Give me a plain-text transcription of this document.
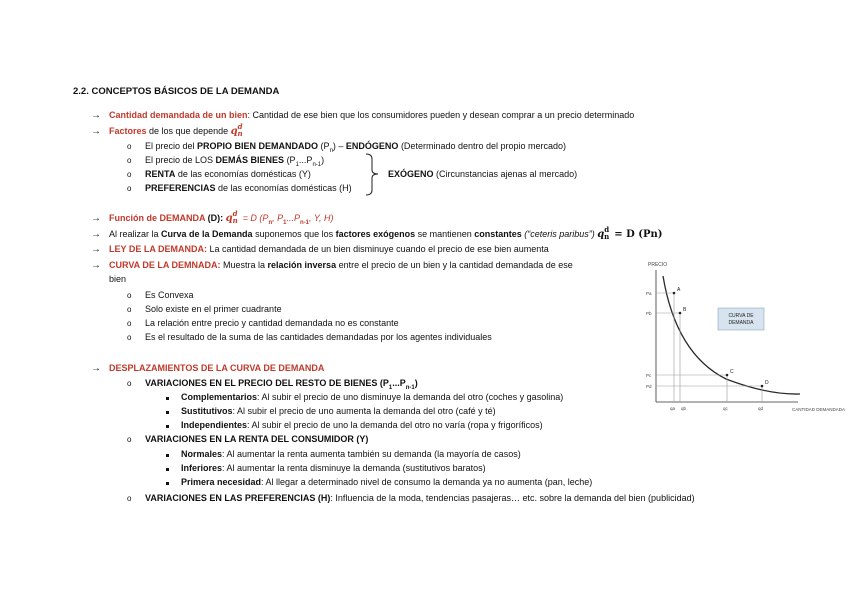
2.2. CONCEPTOS BÁSICOS DE LA DEMANDA
→ Cantidad demandada de un bien: Cantidad de ese bien que los consumidores pueden y desean comprar a un precio determinado
→ Factores de los que depende $q^d_n$
o El precio del PROPIO BIEN DEMANDADO $(P_n)$ – ENDÓGENO (Determinado dentro del propio mercado)
o El precio de LOS DEMÁS BIENES $(P_1...P_{n-1})$
o RENTA de las economías domésticas (Y)
o PREFERENCIAS de las economías domésticas (H)
EXÓGENO (Circunstancias ajenas al mercado)
→ Función de DEMANDA (D): $q^d_n = D$ ($P_n$, $P_1...P_{n-1}$, Y, H)
→ Al realizar la Curva de la Demanda suponemos que los factores exógenos se mantienen constantes (“ceteris paribus”) $q^d_n = D$ (Pn)
→ LEY DE LA DEMANDA: La cantidad demandada de un bien disminuye cuando el precio de ese bien aumenta
→ CURVA DE LA DEMNADA: Muestra la relación inversa entre el precio de un bien y la cantidad demandada de ese
bien
o Es Convexa
o Solo existe en el primer cuadrante
o La relación entre precio y cantidad demandada no es constante
o Es el resultado de la suma de las cantidades demandadas por los agentes individuales
→ DESPLAZAMIENTOS DE LA CURVA DE DEMANDA
o VARIACIONES EN EL PRECIO DEL RESTO DE BIENES $(P_1...P_{n-1})$
Complementarios: Al subir el precio de uno disminuye la demanda del otro (coches y gasolina)
Sustitutivos: Al subir el precio de uno aumenta la demanda del otro (café y té)
Independientes: Al subir el precio de uno la demanda del otro no varía (ropa y frigoríficos)
o VARIACIONES EN LA RENTA DEL CONSUMIDOR (Y)
Normales: Al aumentar la renta aumenta también su demanda (la mayoría de casos)
Inferiores: Al aumentar la renta disminuye la demanda (sustitutivos baratos)
Primera necesidad: Al llegar a determinado nivel de consumo la demanda ya no aumenta (pan, leche)
o VARIACIONES EN LAS PREFERENCIAS (H): Influencia de la moda, tendencias pasajeras… etc. sobre la demanda del bien (publicidad)
PRECIO
CANTIDAD DEMANDADA
A
B
C
D
Pa
Pb
Pc
Pd
qa qb	qc	qd
CURVA DE DEMANDA
